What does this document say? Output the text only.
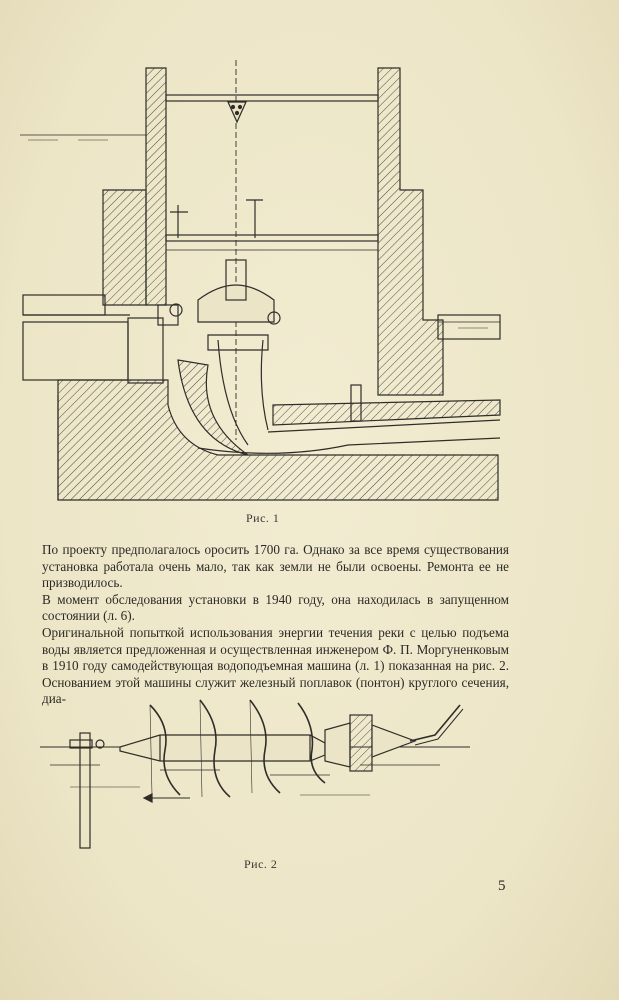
Рис. 1

По проекту предполагалось оросить 1700 га. Однако за все время существования установка работала очень мало, так как земли не были освоены. Ремонта ее не призводилось.

В момент обследования установки в 1940 году, она находилась в запущенном состоянии (л. 6).

Оригинальной попыткой использования энергии течения реки с целью подъема воды является предложенная и осуществленная инженером Ф. П. Моргуненковым в 1910 году самодействующая водоподъемная машина (л. 1) показанная на рис. 2. Основанием этой машины служит железный поплавок (понтон) круглого сечения, диа-

Рис. 2
5
